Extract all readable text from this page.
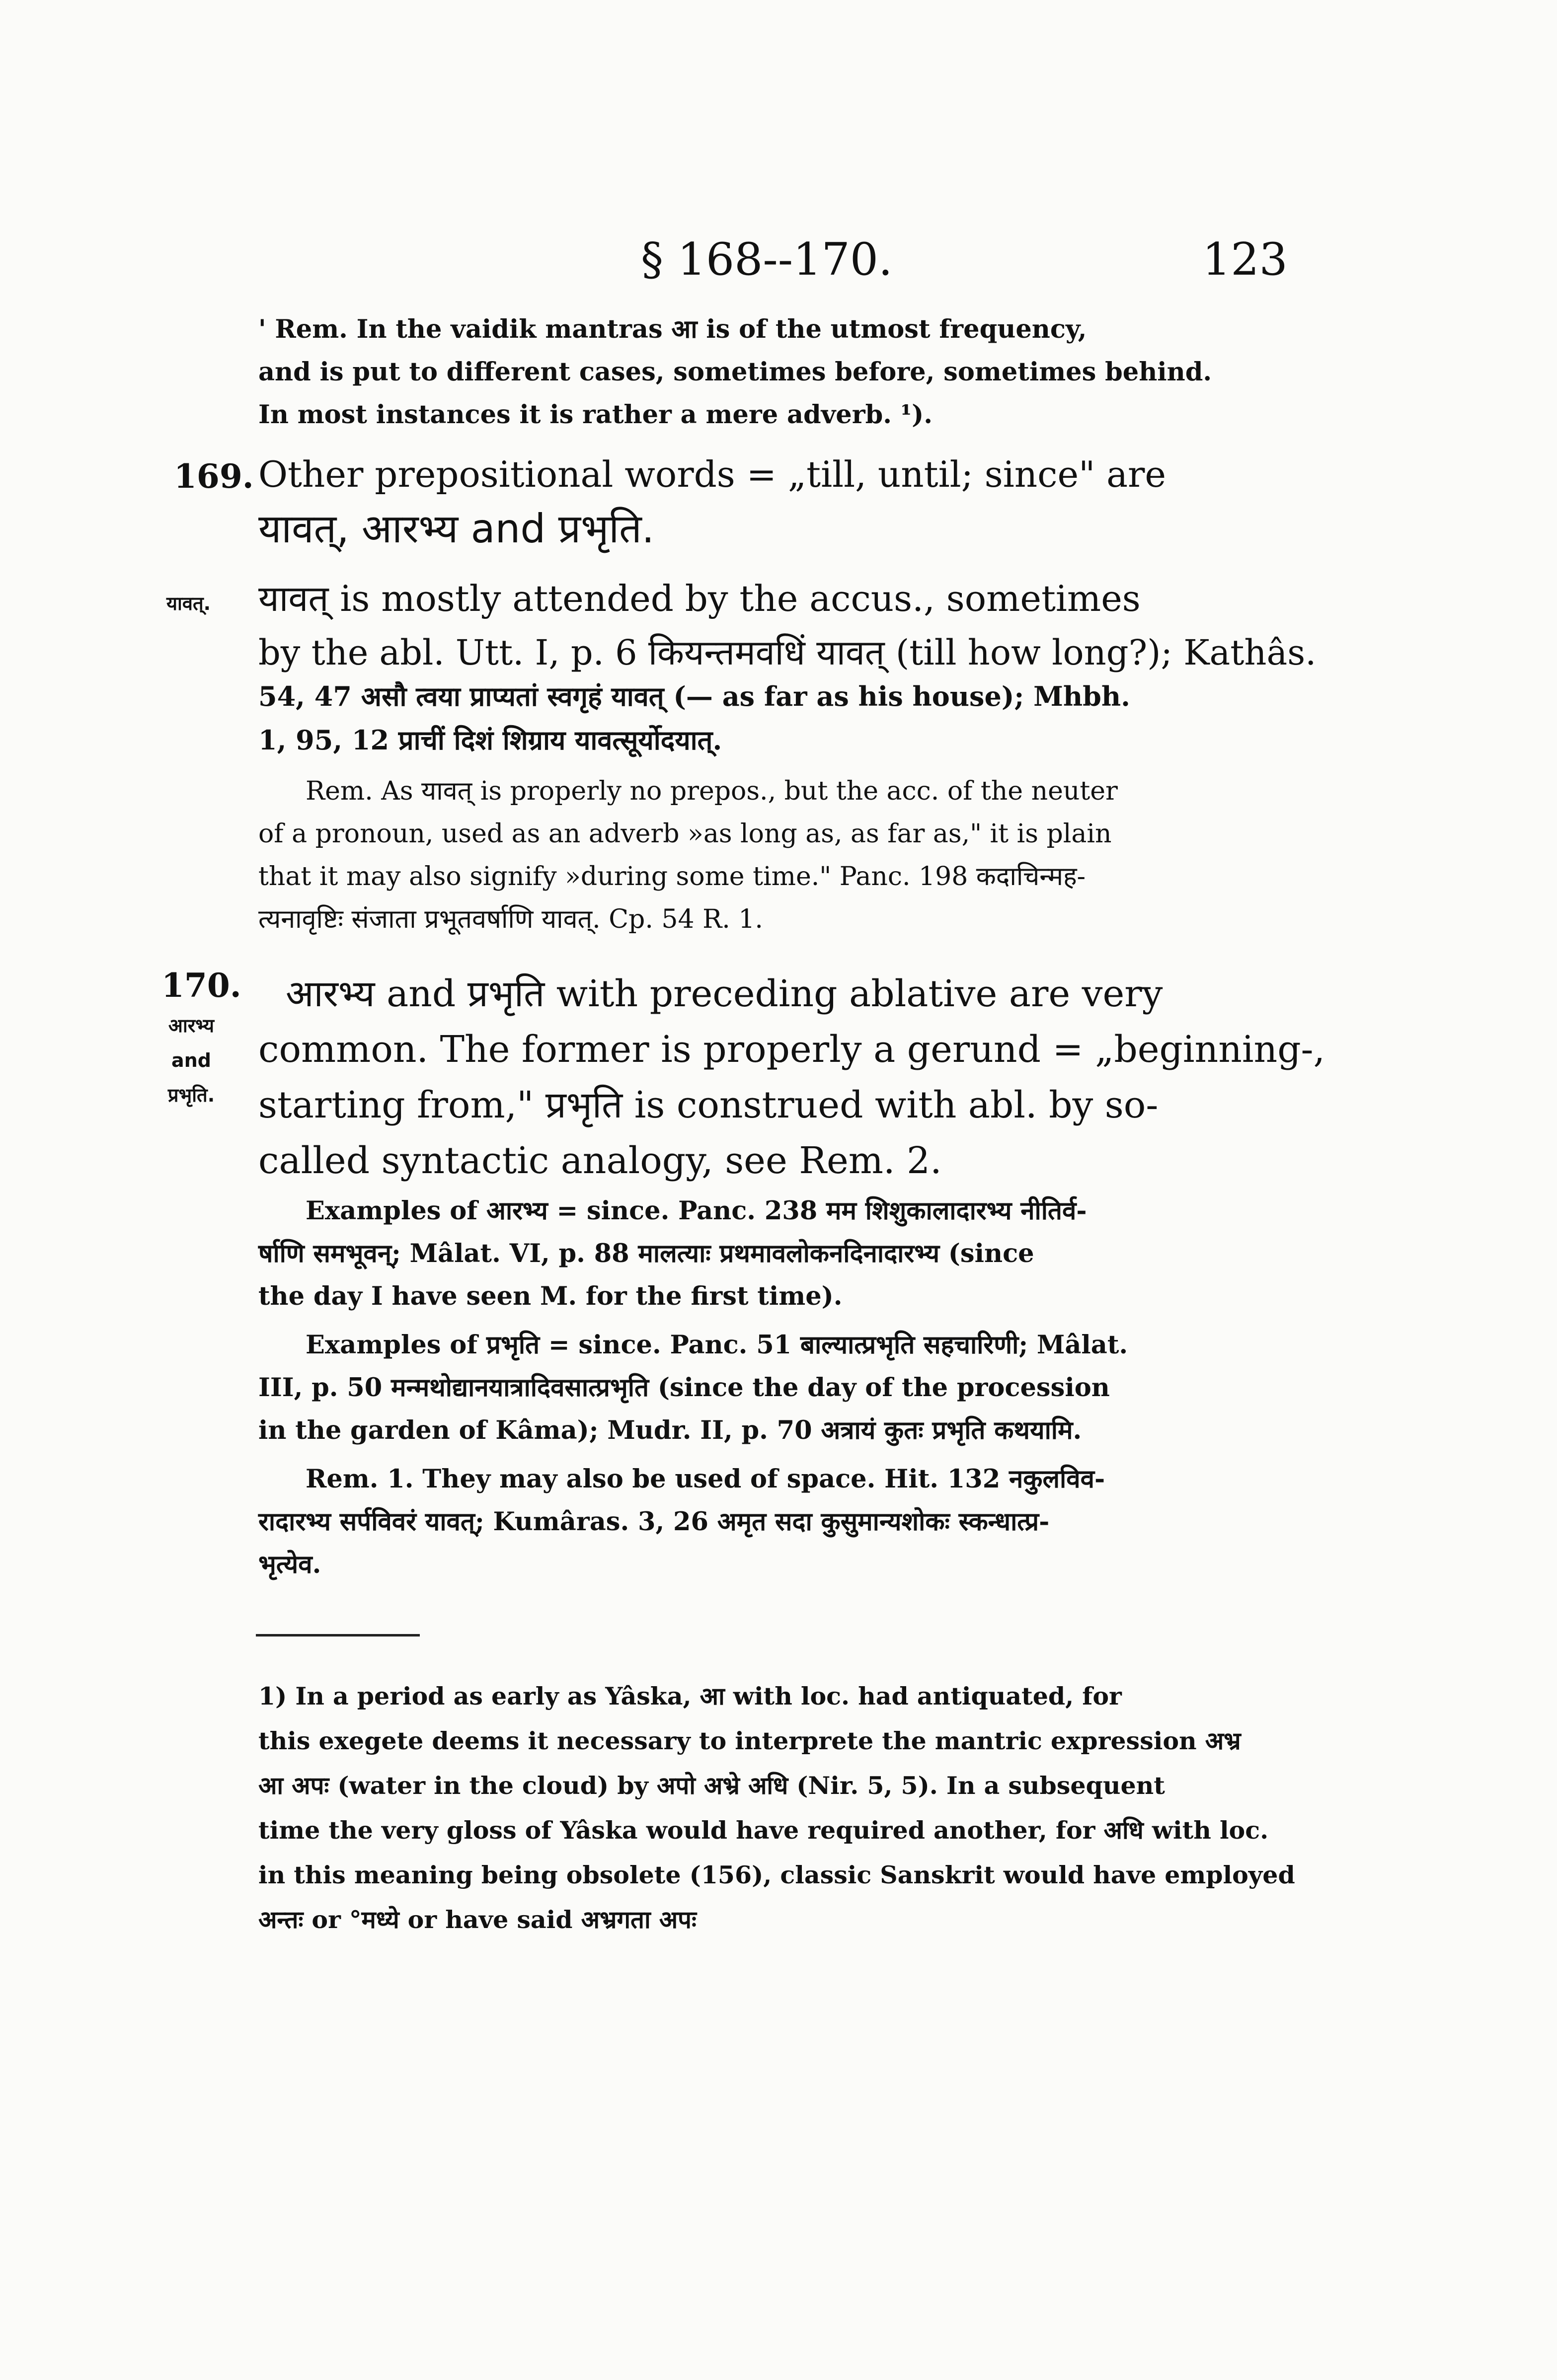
§ 168--170.	123
' Rem. In the vaidik mantras आ is of the utmost frequency,
and is put to different cases, sometimes before, sometimes behind.
In most instances it is rather a mere adverb. ¹).
169. Other prepositional words = „till, until; since" are
यावत्, आरभ्य and प्रभृति.
यावत्. यावत् is mostly attended by the accus., sometimes
by the abl. Utt. I, p. 6 कियन्तमवधिं यावत् (till how long?); Kathâs.
54, 47 असौ त्वया प्राप्यतां स्वगृहं यावत् (— as far as his house); Mhbh.
1, 95, 12 प्राचीं दिशं शिग्राय यावत्सूर्योदयात्.
Rem. As यावत् is properly no prepos., but the acc. of the neuter
of a pronoun, used as an adverb »as long as, as far as," it is plain
that it may also signify »during some time." Panc. 198 कदाचिन्मह-
त्यनावृष्टिः संजाता प्रभूतवर्षाणि यावत्. Cp. 54 R. 1.
170.
आरभ्य
and
प्रभृति.
आरभ्य and प्रभृति with preceding ablative are very
common. The former is properly a gerund = „beginning-,
starting from," प्रभृति is construed with abl. by so-
called syntactic analogy, see Rem. 2.
Examples of आरभ्य = since. Panc. 238 मम शिशुकालादारभ्य नीतिर्व-
र्षाणि समभूवन्; Mâlat. VI, p. 88 मालत्याः प्रथमावलोकनदिनादारभ्य (since
the day I have seen M. for the first time).
Examples of प्रभृति = since. Panc. 51 बाल्यात्प्रभृति सहचारिणी; Mâlat.
III, p. 50 मन्मथोद्यानयात्रादिवसात्प्रभृति (since the day of the procession
in the garden of Kâma); Mudr. II, p. 70 अत्रायं कुतः प्रभृति कथयामि.
Rem. 1. They may also be used of space. Hit. 132 नकुलविव-
रादारभ्य सर्पविवरं यावत्; Kumâras. 3, 26 अमृत सदा कुसुमान्यशोकः स्कन्धात्प्र-
भृत्येव.
1) In a period as early as Yâska, आ with loc. had antiquated, for
this exegete deems it necessary to interprete the mantric expression अभ्र
आ अपः (water in the cloud) by अपो अभ्रे अधि (Nir. 5, 5). In a subsequent
time the very gloss of Yâska would have required another, for अधि with loc.
in this meaning being obsolete (156), classic Sanskrit would have employed
अन्तः or °मध्ये or have said अभ्रगता अपः
